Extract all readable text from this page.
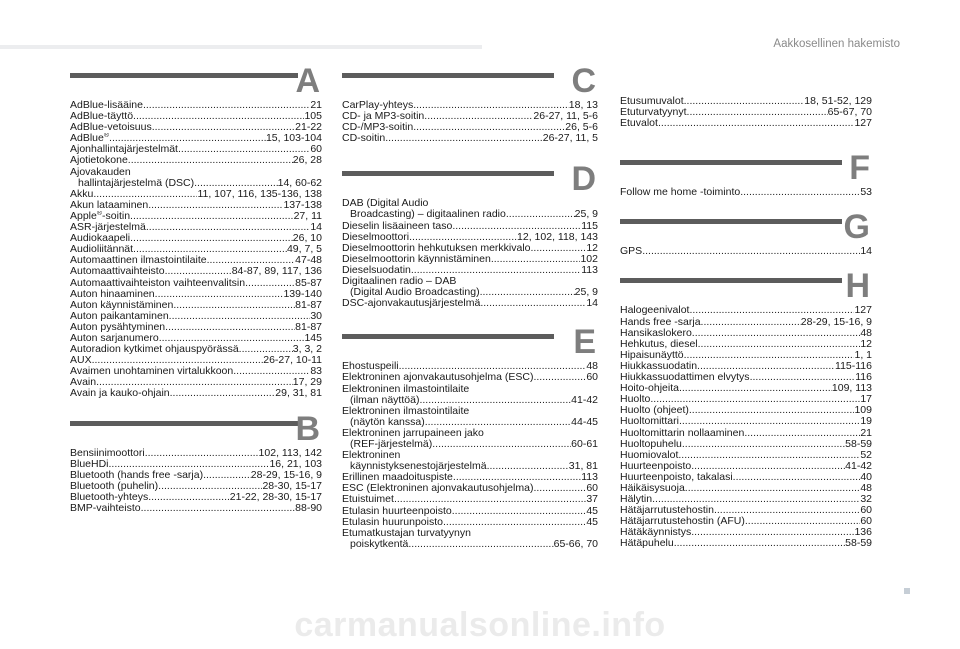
Aakkosellinen hakemisto
A
AdBlue-lisääine .....	21
AdBlue-täyttö .....	105
AdBlue-vetoisuus .....	21-22
AdBlue® .....	15, 103-104
Ajonhallintajärjestelmät .....	60
Ajotietokone .....	26, 28
Ajovakauden
hallintajärjestelmä (DSC) .....	14, 60-62
Akku .....	11, 107, 116, 135-136, 138
Akun lataaminen .....	137-138
Apple®-soitin .....	27, 11
ASR-järjestelmä .....	14
Audiokaapeli .....	26, 10
Audioliitännät .....	49, 7, 5
Automaattinen ilmastointilaite .....	47-48
Automaattivaihteisto .....	84-87, 89, 117, 136
Automaattivaihteiston vaihteenvalitsin .....	85-87
Auton hinaaminen .....	139-140
Auton käynnistäminen .....	81-87
Auton paikantaminen .....	30
Auton pysähtyminen .....	81-87
Auton sarjanumero .....	145
Autoradion kytkimet ohjauspyörässä .....	3, 3, 2
AUX .....	26-27, 10-11
Avaimen unohtaminen virtalukkoon .....	83
Avain .....	17, 29
Avain ja kauko-ohjain .....	29, 31, 81
B
Bensiinimoottori .....	102, 113, 142
BlueHDi .....	16, 21, 103
Bluetooth (hands free -sarja) .....	28-29, 15-16, 9
Bluetooth (puhelin) .....	28-30, 15-17
Bluetooth-yhteys .....	21-22, 28-30, 15-17
BMP-vaihteisto .....	88-90
C
CarPlay-yhteys .....	18, 13
CD- ja MP3-soitin .....	26-27, 11, 5-6
CD-/MP3-soitin .....	26, 5-6
CD-soitin .....	26-27, 11, 5
D
DAB (Digital Audio
Broadcasting) – digitaalinen radio .....	25, 9
Dieselin lisäaineen taso .....	115
Dieselmoottori .....	12, 102, 118, 143
Dieselmoottorin hehkutuksen merkkivalo .....	12
Dieselmoottorin käynnistäminen .....	102
Dieselsuodatin .....	113
Digitaalinen radio – DAB
(Digital Audio Broadcasting) .....	25, 9
DSC-ajonvakautusjärjestelmä .....	14
E
Ehostuspeili .....	48
Elektroninen ajonvakautusohjelma (ESC) .....	60
Elektroninen ilmastointilaite
(ilman näyttöä) .....	41-42
Elektroninen ilmastointilaite
(näytön kanssa) .....	44-45
Elektroninen jarrupaineen jako
(REF-järjestelmä) .....	60-61
Elektroninen
käynnistyksenestojärjestelmä .....	31, 81
Erillinen maadoituspiste .....	113
ESC (Elektroninen ajonvakautusohjelma) .....	60
Etuistuimet .....	37
Etulasin huurteenpoisto .....	45
Etulasin huurunpoisto .....	45
Etumatkustajan turvatyynyn
poiskytkentä .....	65-66, 70
Etusumuvalot .....	18, 51-52, 129
Etuturvatyynyt .....	65-67, 70
Etuvalot .....	127
F
Follow me home -toiminto .....	53
G
GPS .....	14
H
Halogeenivalot .....	127
Hands free -sarja .....	28-29, 15-16, 9
Hansikaslokero .....	48
Hehkutus, diesel .....	12
Hipaisunäyttö .....	1, 1
Hiukkassuodatin .....	115-116
Hiukkassuodattimen elvytys .....	116
Hoito-ohjeita .....	109, 113
Huolto .....	17
Huolto (ohjeet) .....	109
Huoltomittari .....	19
Huoltomittarin nollaaminen .....	21
Huoltopuhelu .....	58-59
Huomiovalot .....	52
Huurteenpoisto .....	41-42
Huurteenpoisto, takalasi .....	40
Häikäisysuoja .....	48
Hälytin .....	32
Hätäjarrutustehostin .....	60
Hätäjarrutustehostin (AFU) .....	60
Hätäkäynnistys .....	136
Hätäpuhelu .....	58-59
carmanualsonline.info
